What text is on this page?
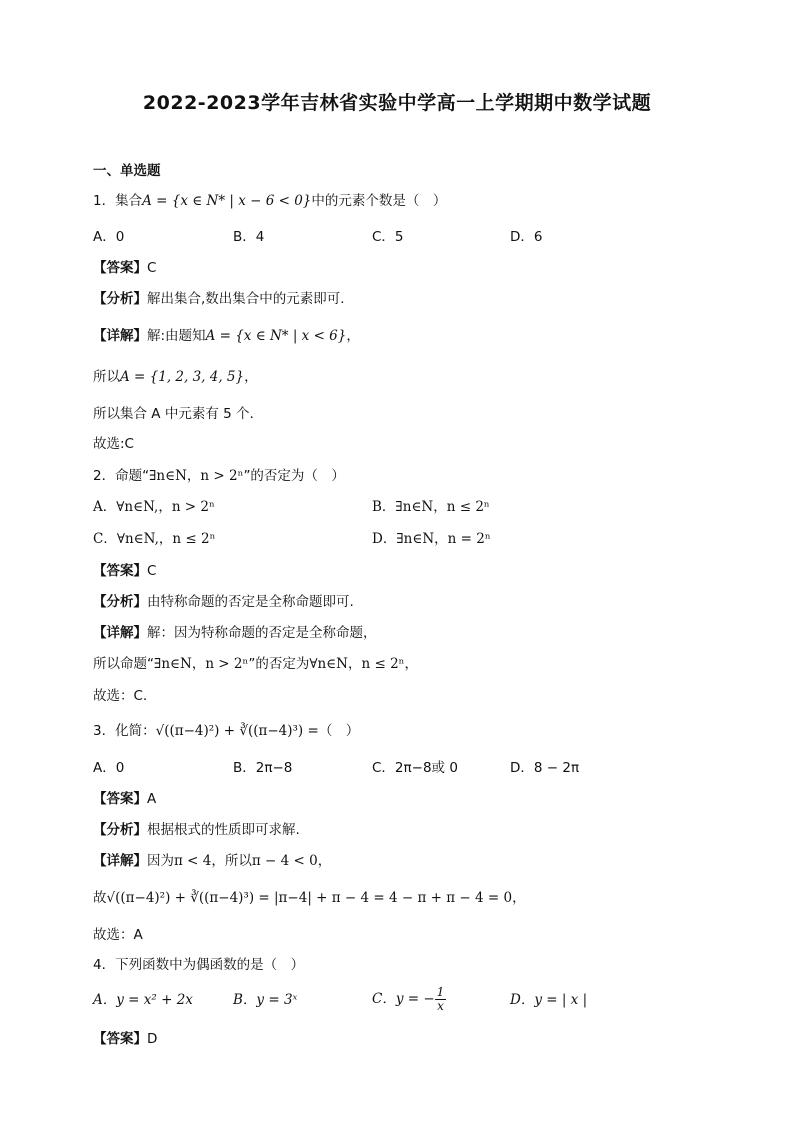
2022-2023学年吉林省实验中学高一上学期期中数学试题
一、单选题
1．集合A = {x ∈ N* | x − 6 < 0}中的元素个数是（　）
A．0	B．4	C．5	D．6
【答案】C
【分析】解出集合,数出集合中的元素即可.
【详解】解:由题知A = {x ∈ N* | x < 6}，
所以A = {1, 2, 3, 4, 5}，
所以集合 A 中元素有 5 个.
故选:C
2．命题“∃n∈N，n > 2ⁿ”的否定为（　）
A．∀n∈N,，n > 2ⁿ	B．∃n∈N，n ≤ 2ⁿ
C．∀n∈N,，n ≤ 2ⁿ	D．∃n∈N，n = 2ⁿ
【答案】C
【分析】由特称命题的否定是全称命题即可.
【详解】解：因为特称命题的否定是全称命题，
所以命题“∃n∈N，n > 2ⁿ”的否定为∀n∈N，n ≤ 2ⁿ，
故选：C.
3．化简：√((π−4)²) + ∛((π−4)³) =（　）
A．0	B．2π−8	C．2π−8或 0	D．8 − 2π
【答案】A
【分析】根据根式的性质即可求解.
【详解】因为π < 4，所以π − 4 < 0，
故√((π−4)²) + ∛((π−4)³) = |π−4| + π − 4 = 4 − π + π − 4 = 0，
故选：A
4．下列函数中为偶函数的是（　）
A．y = x² + 2x	B．y = 3ˣ	C．y = − $\frac{1}{x}$	D．y = | x |
【答案】D
